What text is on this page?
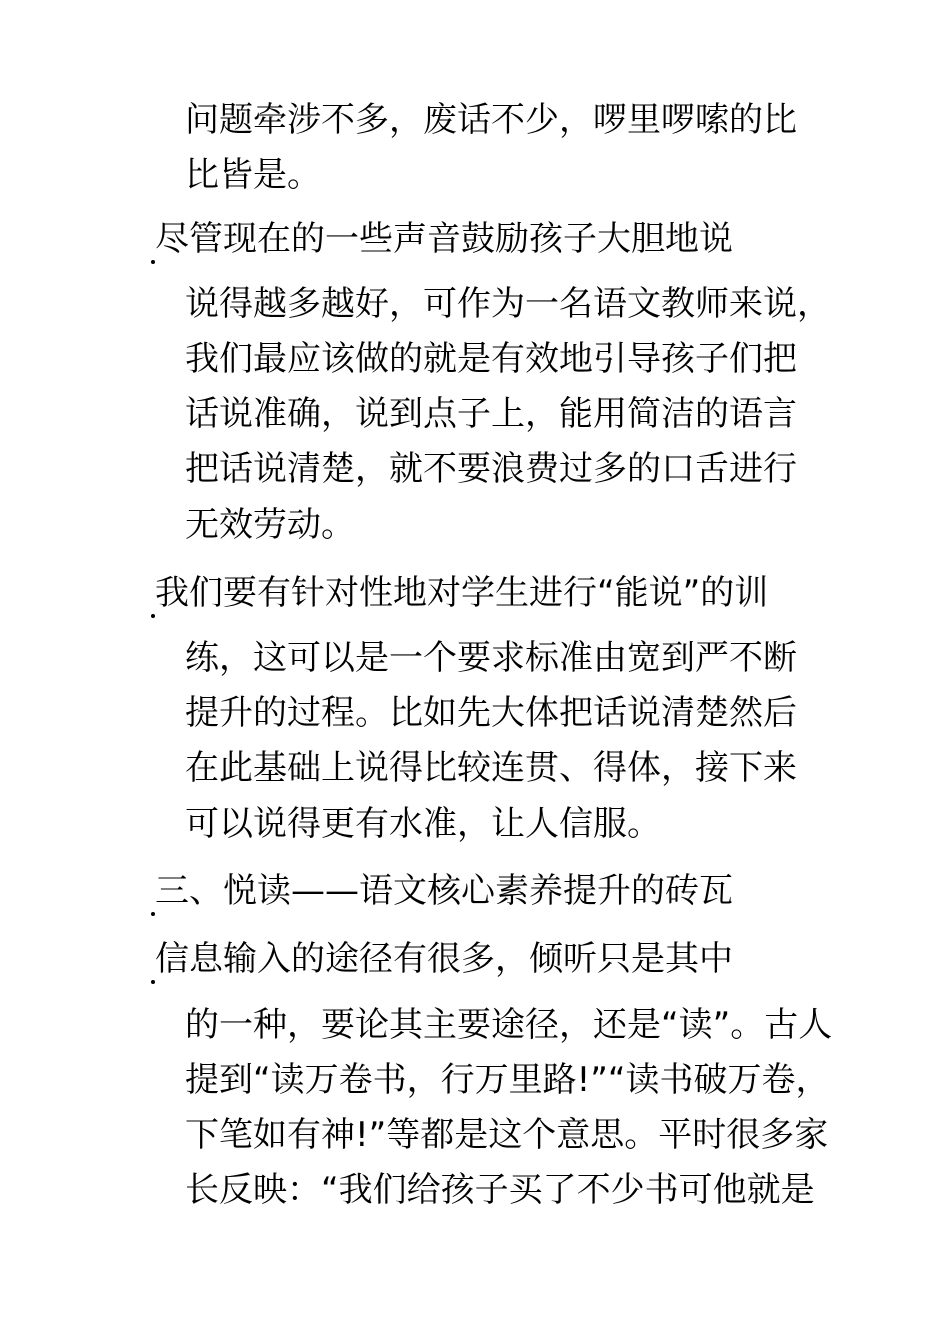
问题牵涉不多，废话不少，啰里啰嗦的比
比皆是。
尽管现在的一些声音鼓励孩子大胆地说
说得越多越好，可作为一名语文教师来说，
我们最应该做的就是有效地引导孩子们把
话说准确，说到点子上，能用简洁的语言
把话说清楚，就不要浪费过多的口舌进行
无效劳动。
我们要有针对性地对学生进行“能说”的训
练，这可以是一个要求标准由宽到严不断
提升的过程。比如先大体把话说清楚然后
在此基础上说得比较连贯、得体，接下来
可以说得更有水准，让人信服。
三、悦读——语文核心素养提升的砖瓦
信息输入的途径有很多，倾听只是其中
的一种，要论其主要途径，还是“读”。古人
提到“读万卷书，行万里路!”“读书破万卷，
下笔如有神!”等都是这个意思。平时很多家
长反映：“我们给孩子买了不少书可他就是
